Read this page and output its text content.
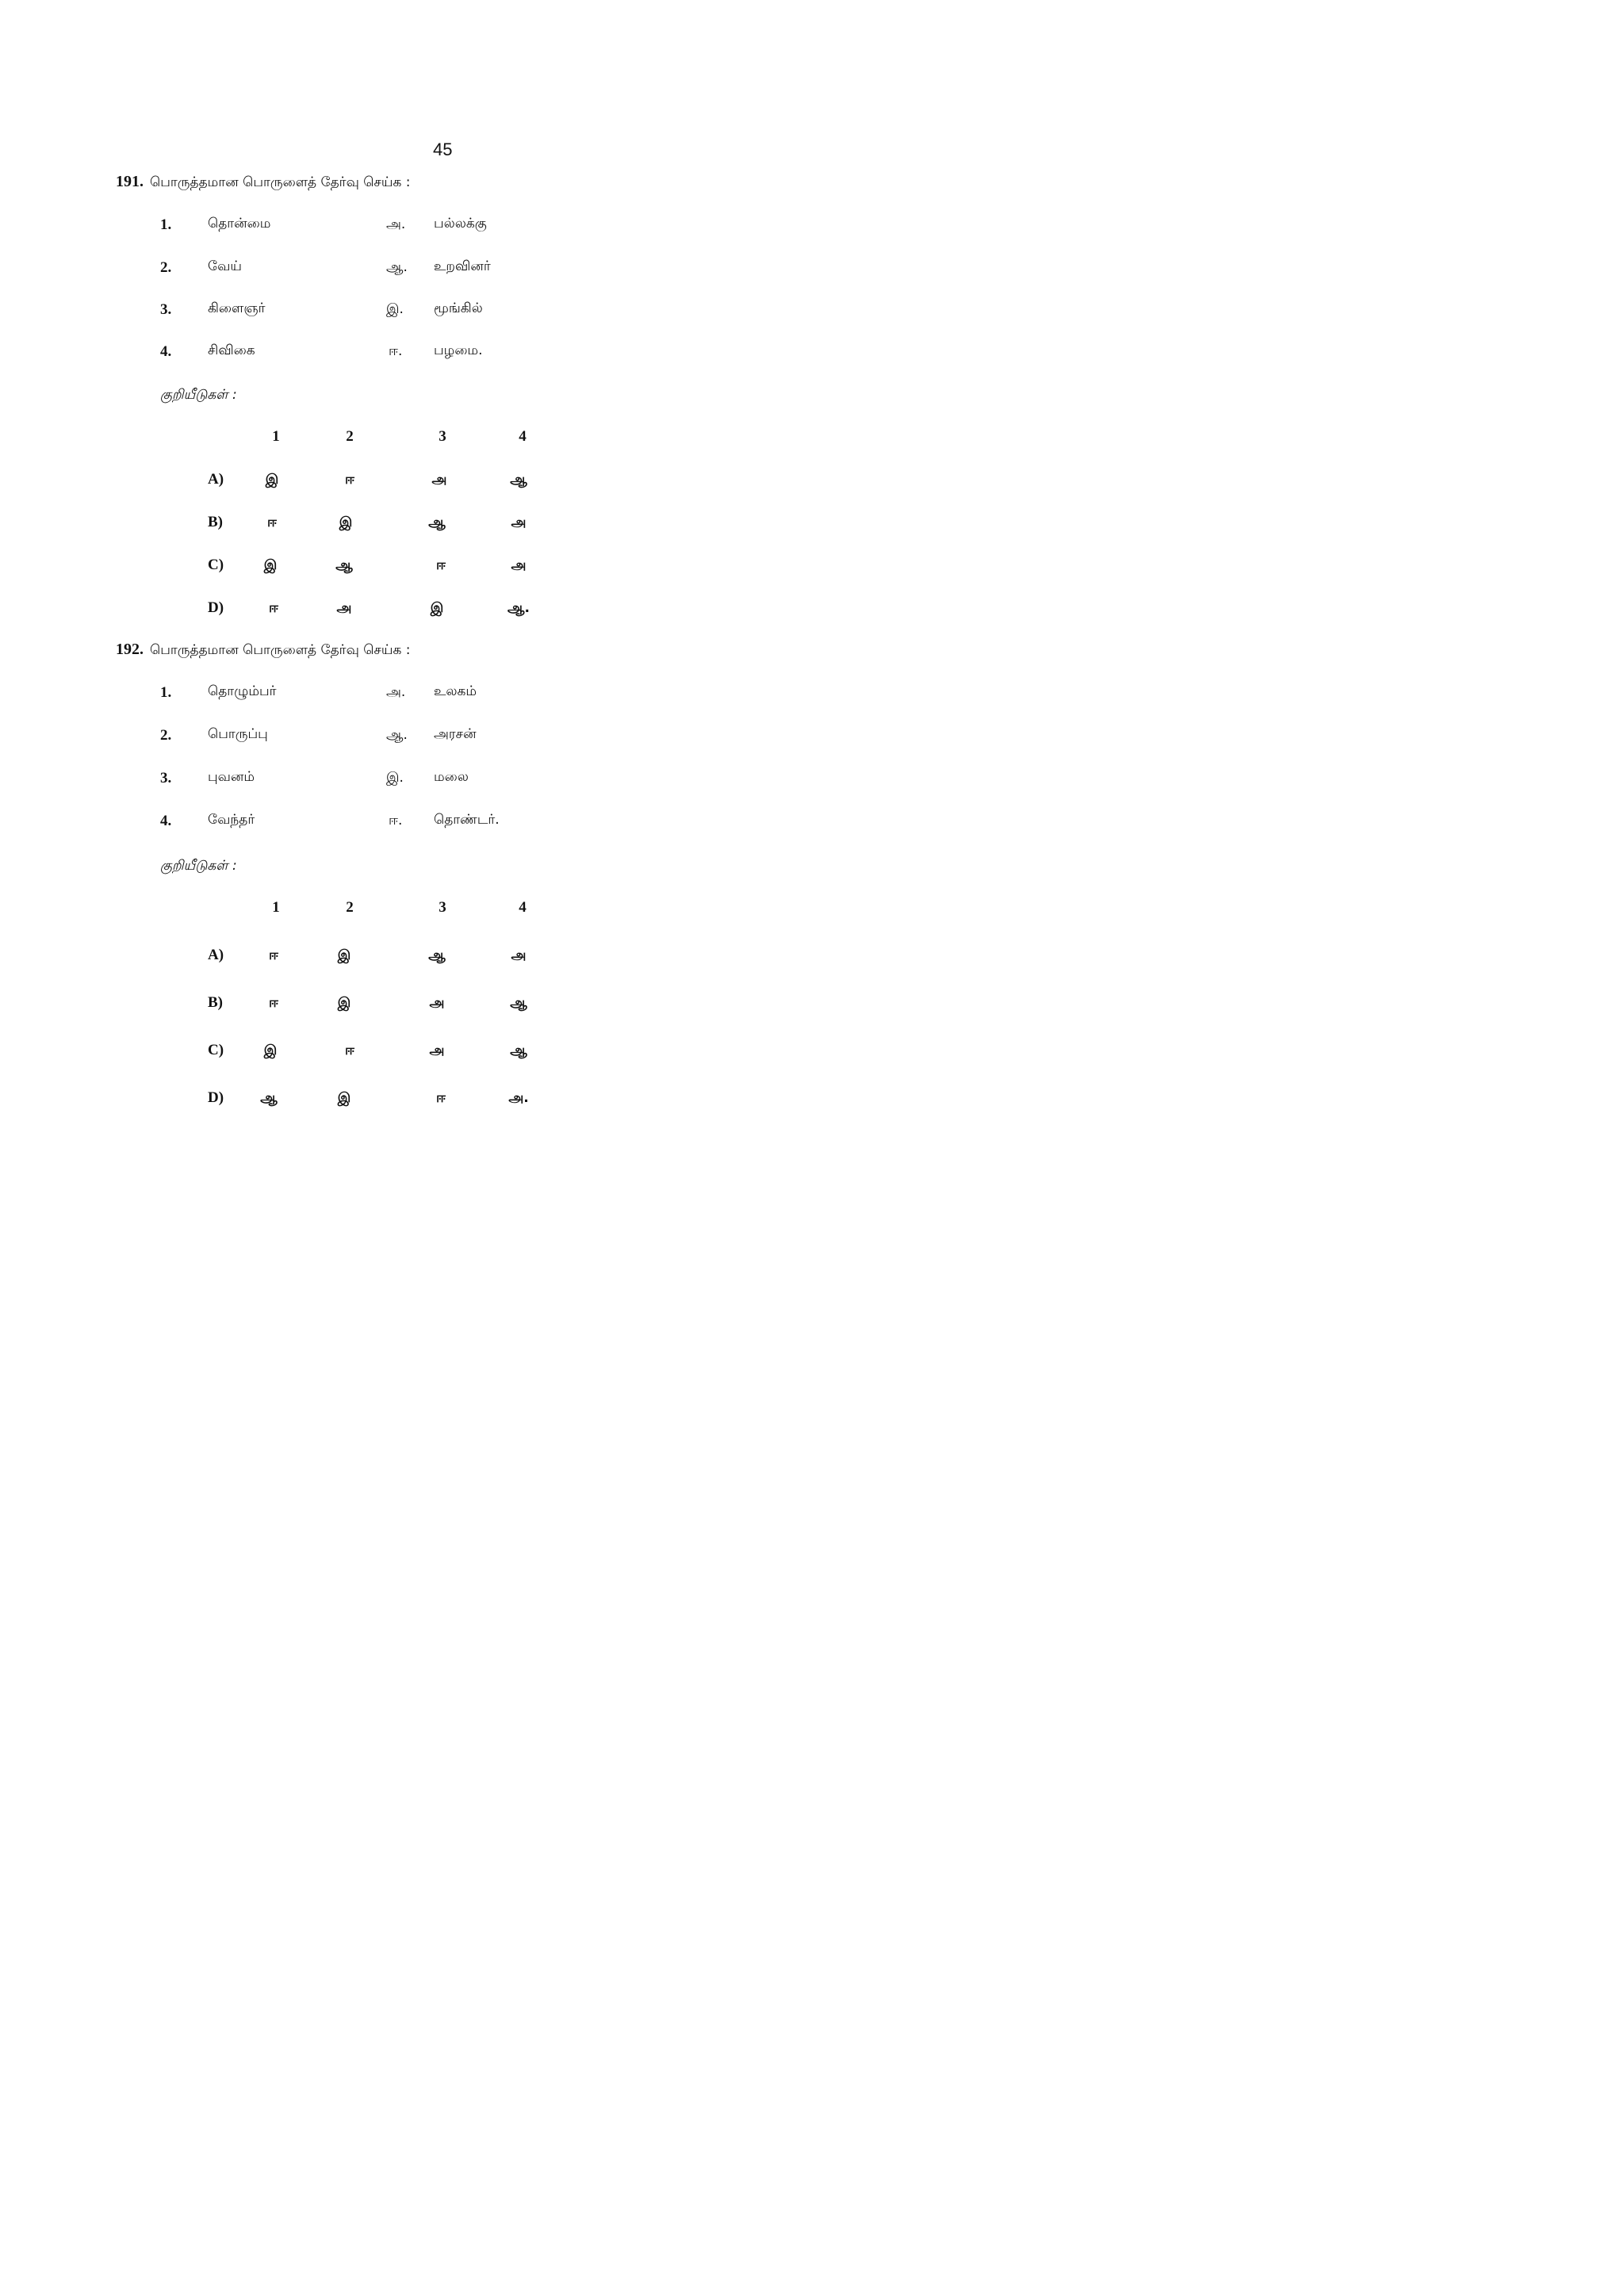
45
191. பொருத்தமான பொருளைத் தேர்வு செய்க :
1.	தொன்மை	அ. பல்லக்கு
2.	வேய்	ஆ. உறவினர்
3.	கிளைஞர்	இ. மூங்கில்
4.	சிவிகை	ஈ. பழமை.
குறியீடுகள் :
1	2	3	4
A)	இ	ஈ	அ	ஆ
B)	ஈ	இ	ஆ	அ
C)	இ	ஆ	ஈ	அ
D)	ஈ	அ	இ	ஆ.
192. பொருத்தமான பொருளைத் தேர்வு செய்க :
1.	தொழும்பர்	அ. உலகம்
2.	பொருப்பு	ஆ. அரசன்
3.	புவனம்	இ. மலை
4.	வேந்தர்	ஈ. தொண்டர்.
குறியீடுகள் :
1	2	3	4
A)	ஈ	இ	ஆ	அ
B)	ஈ	இ	அ	ஆ
C)	இ	ஈ	அ	ஆ
D)	ஆ	இ	ஈ	அ.
